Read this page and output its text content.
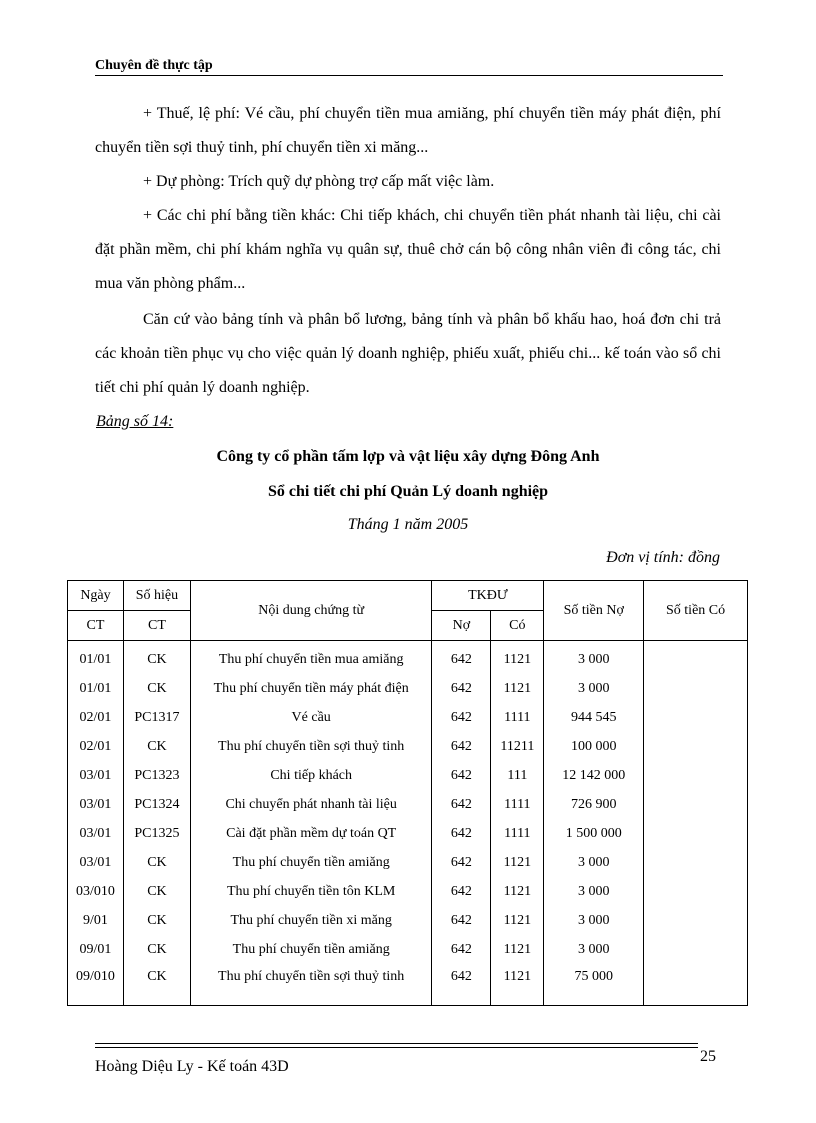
Chuyên đề thực tập

+ Thuế, lệ phí: Vé cầu, phí chuyển tiền mua amiăng, phí chuyển tiền máy phát điện, phí chuyển tiền sợi thuỷ tinh, phí chuyển tiền xi măng...

+ Dự phòng: Trích quỹ dự phòng trợ cấp mất việc làm.

+ Các chi phí bằng tiền khác: Chi tiếp khách, chi chuyển tiền phát nhanh tài liệu, chi cài đặt phần mềm, chi phí khám nghĩa vụ quân sự, thuê chở cán bộ công nhân viên đi công tác, chi mua văn phòng phẩm...

Căn cứ vào bảng tính và phân bổ lương, bảng tính và phân bổ khấu hao, hoá đơn chi trả các khoản tiền phục vụ cho việc quản lý doanh nghiệp, phiếu xuất, phiếu chi... kế toán vào sổ chi tiết chi phí quản lý doanh nghiệp.

Bảng số 14:
Công ty cổ phần tấm lợp và vật liệu xây dựng Đông Anh
Sổ chi tiết chi phí Quản Lý doanh nghiệp
Tháng 1 năm 2005
Đơn vị tính: đồng
Ngày	Số hiệu	Nội dung chứng từ	TKĐƯ		Số tiền Nợ	Số tiền Có
CT	CT		Nợ	Có		
01/01	CK	Thu phí chuyển tiền mua amiăng	642	1121	3 000	
01/01	CK	Thu phí chuyển tiền máy phát điện	642	1121	3 000	
02/01	PC1317	Vé cầu	642	1111	944 545	
02/01	CK	Thu phí chuyển tiền sợi thuỷ tinh	642	11211	100 000	
03/01	PC1323	Chi tiếp khách	642	111	12 142 000	
03/01	PC1324	Chi chuyển phát nhanh tài liệu	642	1111	726 900	
03/01	PC1325	Cài đặt phần mềm dự toán QT	642	1111	1 500 000	
03/01	CK	Thu phí chuyển tiền amiăng	642	1121	3 000	
03/010	CK	Thu phí chuyển tiền tôn KLM	642	1121	3 000	
9/01	CK	Thu phí chuyển tiền xi măng	642	1121	3 000	
09/01	CK	Thu phí chuyển tiền amiăng	642	1121	3 000	
09/010	CK	Thu phí chuyển tiền sợi thuỷ tinh	642	1121	75 000	
25
Hoàng Diệu Ly - Kế toán 43D
